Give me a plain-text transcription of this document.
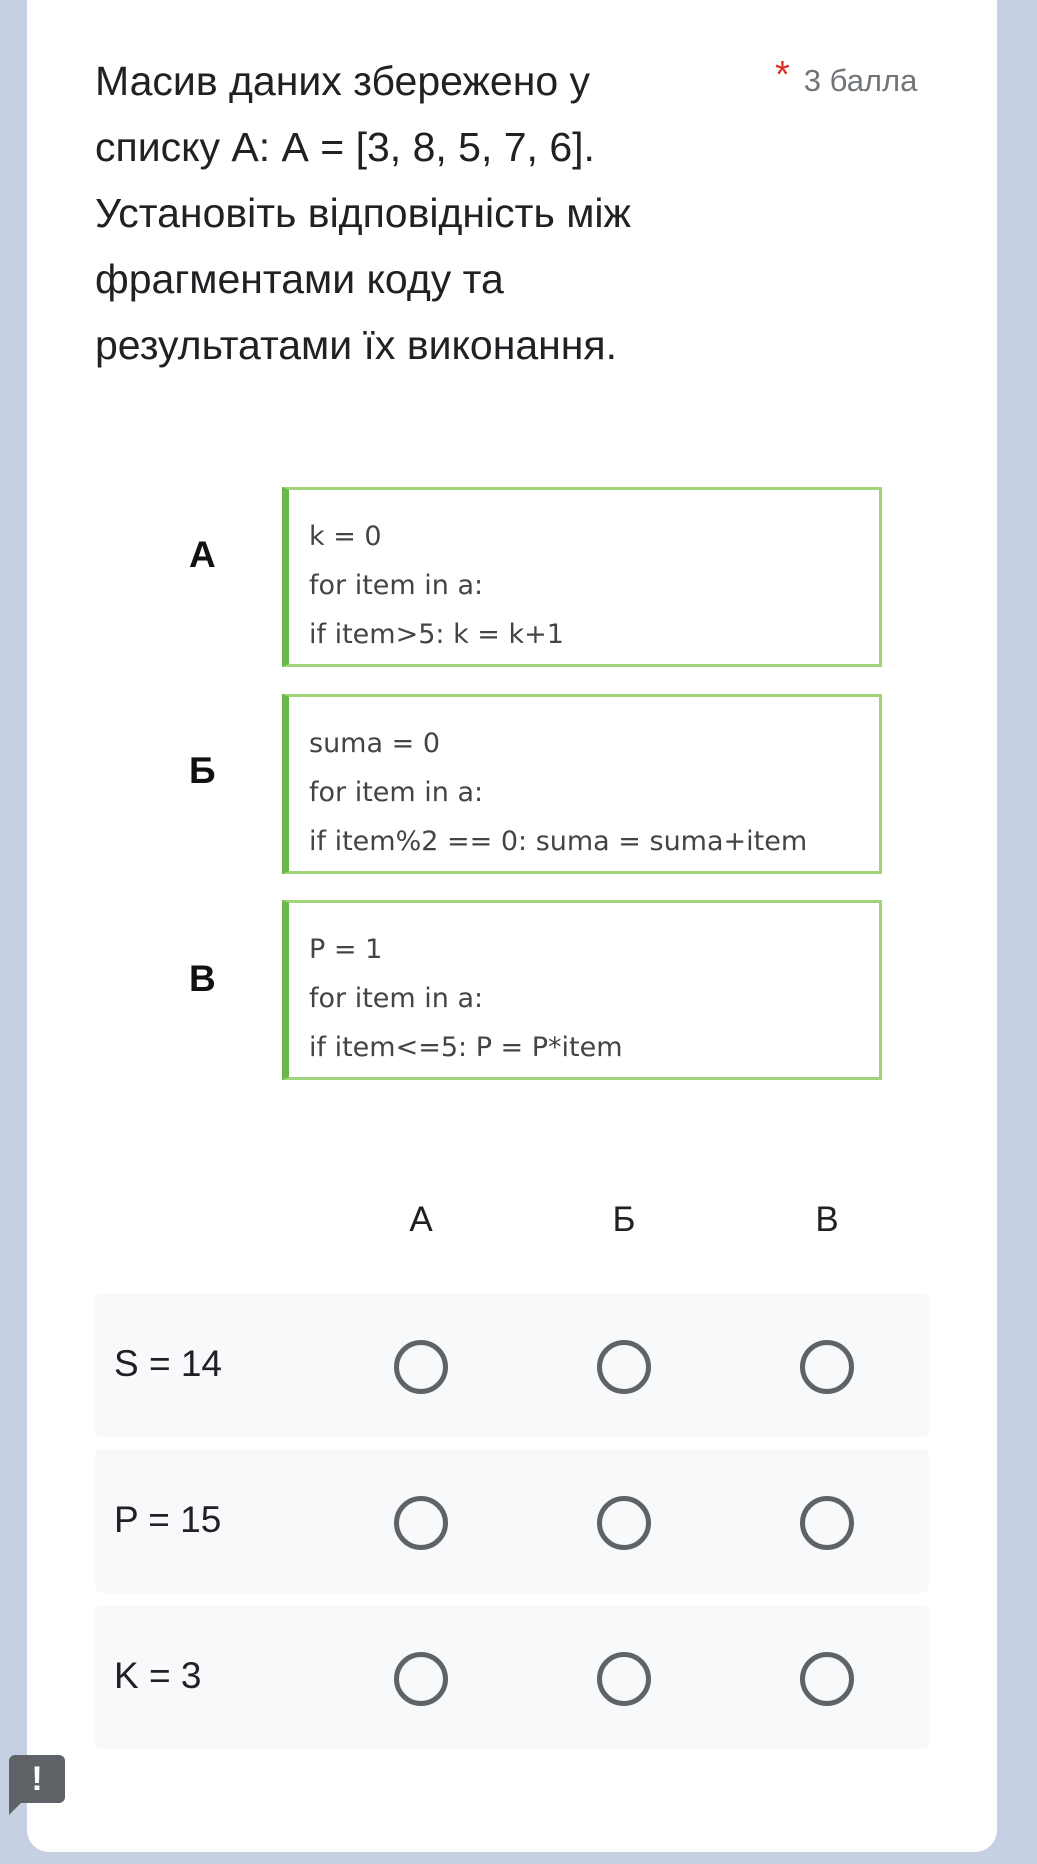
Масив даних збережено у
списку А: А = [3, 8, 5, 7, 6].
Установіть відповідність між
фрагментами коду та
результатами їх виконання.
* 3 балла
А	k = 0
for item in a:
if item>5: k = k+1
Б
suma = 0
for item in a:
if item%2 == 0: suma = suma+item
В
P = 1
for item in a:
if item<=5: P = P*item
А	Б	В
S = 14
P = 15
K = 3
!
